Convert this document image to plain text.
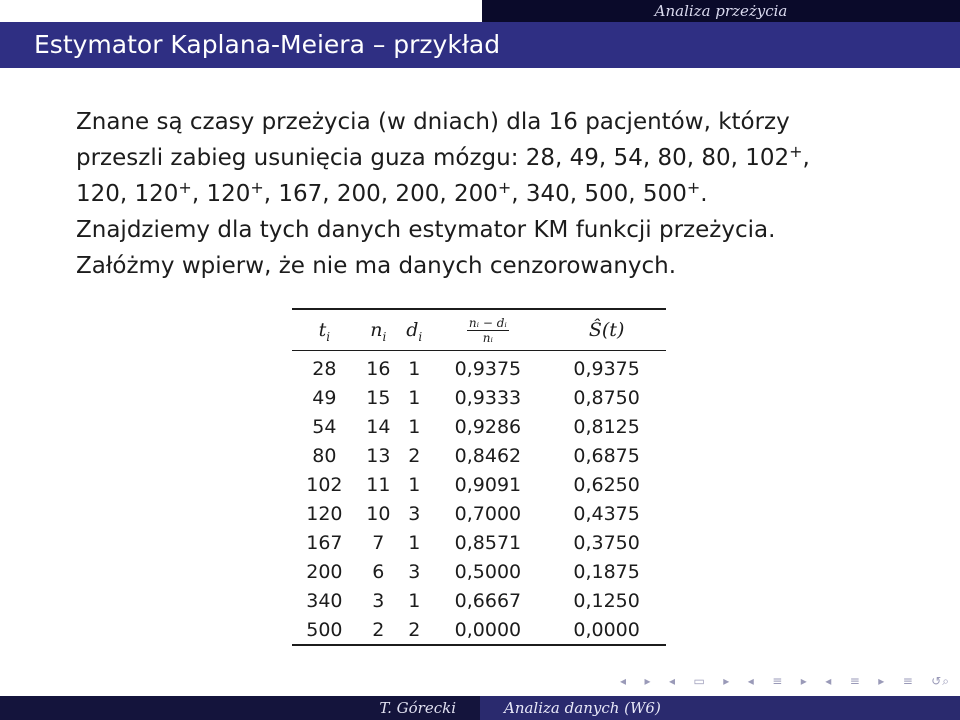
Analiza przeżycia
Estymator Kaplana-Meiera – przykład

Znane są czasy przeżycia (w dniach) dla 16 pacjentów, którzy

przeszli zabieg usunięcia guza mózgu: 28, 49, 54, 80, 80, 102+,

120, 120+, 120+, 167, 200, 200, 200+, 340, 500, 500+.

Znajdziemy dla tych danych estymator KM funkcji przeżycia.

Załóżmy wpierw, że nie ma danych cenzorowanych.

$t_i$	$n_i$	$d_i$	$\frac{\text{nᵢ − dᵢ}}{\text{nᵢ}}$	Ŝ(t)
28	16	1	0,9375	0,9375
49	15	1	0,9333	0,8750
54	14	1	0,9286	0,8125
80	13	2	0,8462	0,6875
102	11	1	0,9091	0,6250
120	10	3	0,7000	0,4375
167	7	1	0,8571	0,3750
200	6	3	0,5000	0,1875
340	3	1	0,6667	0,1250
500	2	2	0,0000	0,0000
◂ ▸ ◂ ▭ ▸ ◂ ≡ ▸ ◂ ≡ ▸ ≡ ↺⌕
T. Górecki	Analiza danych (W6)
